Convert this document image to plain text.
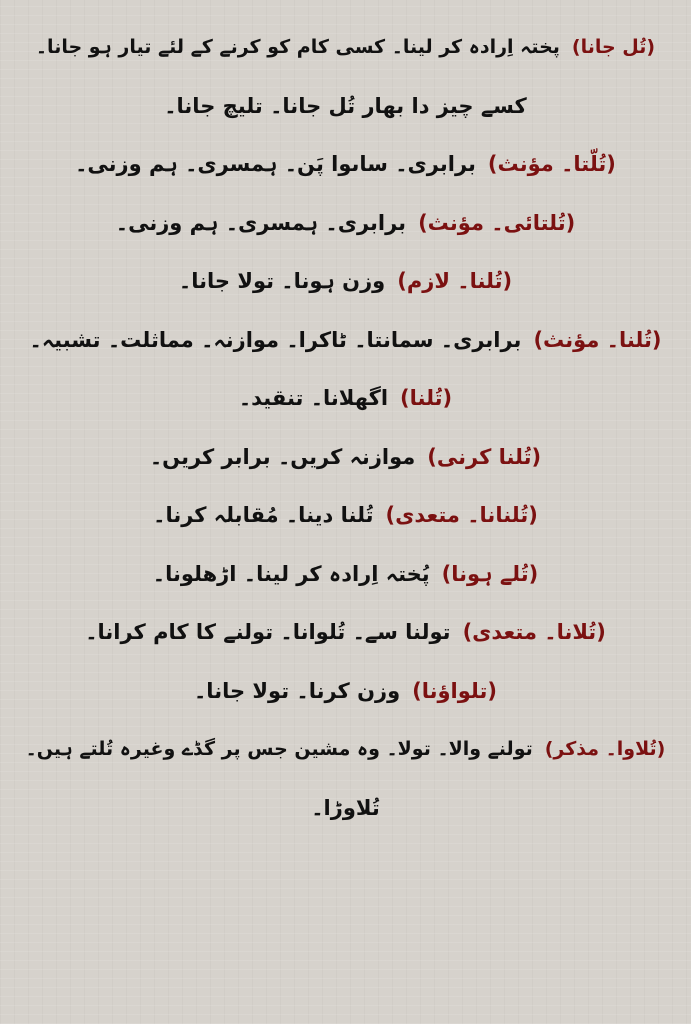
(تُل جانا)پختہ اِرادہ کر لینا۔ کسی کام کو کرنے کے لئے تیار ہو جانا۔
کسے چیز دا بھار تُل جانا۔ تلیچ جانا۔
(تُلّتا۔ مؤنث)برابری۔ ساںوا پَن۔ ہمسری۔ ہم وزنی۔
(تُلتائی۔ مؤنث)برابری۔ ہمسری۔ ہم وزنی۔
(تُلنا۔ لازم)وزن ہونا۔ تولا جانا۔
(تُلنا۔ مؤنث)برابری۔ سمانتا۔ ٹاکرا۔ موازنہ۔ مماثلت۔ تشبیہ۔
(تُلنا)اگھلانا۔ تنقید۔
(تُلنا کرنی)موازنہ کریں۔ برابر کریں۔
(تُلنانا۔ متعدی)تُلنا دینا۔ مُقابلہ کرنا۔
(تُلے ہونا)پُختہ اِرادہ کر لینا۔ اڑھلونا۔
(تُلانا۔ متعدی)تولنا سے۔ تُلوانا۔ تولنے کا کام کرانا۔
(تلواؤنا)وزن کرنا۔ تولا جانا۔
(تُلاوا۔ مذکر)تولنے والا۔ تولا۔ وہ مشین جس پر گڈے وغیرہ تُلتے ہیں۔
تُلاوڑا۔
